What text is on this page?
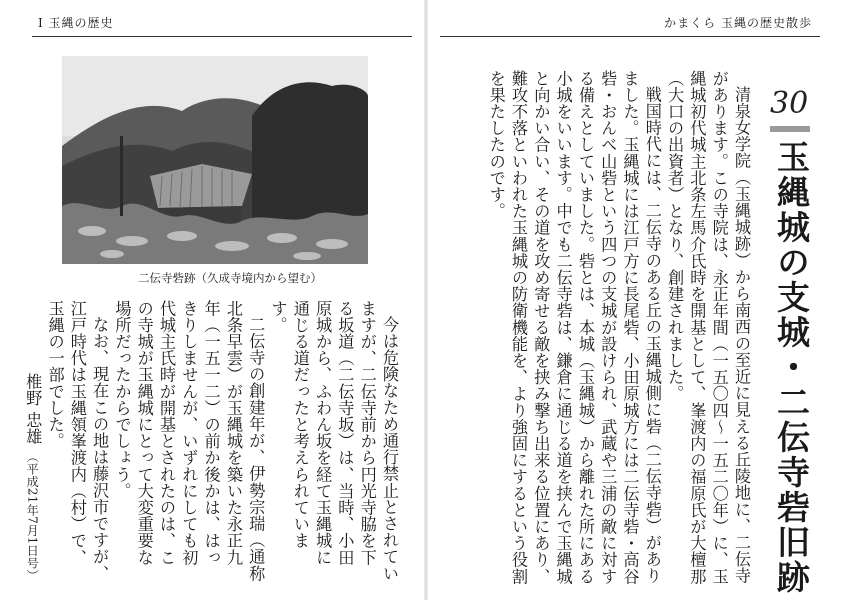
Ⅰ 玉縄の歴史	かまくら 玉縄の歴史散歩
二伝寺砦跡（久成寺境内から望む）
30
玉縄城の支城・二伝寺砦旧跡

清泉女学院（玉縄城跡）から南西の至近に見える丘陵地に、二伝寺があります。この寺院は、永正年間（一五〇四〜一五二〇年）に、玉縄城初代城主北条左馬介氏時を開基として、峯渡内の福原氏が大檀那（大口の出資者）となり、創建されました。

戦国時代には、二伝寺のある丘の玉縄城側に砦（二伝寺砦）がありました。玉縄城には江戸方に長尾砦、小田原城方には二伝寺砦・高谷砦・おんべ山砦という四つの支城が設けられ、武蔵や三浦の敵に対する備えとしていました。砦とは、本城（玉縄城）から離れた所にある小城をいいます。中でも二伝寺砦は、鎌倉に通じる道を挟んで玉縄城と向かい合い、その道を攻め寄せる敵を挟み撃ち出来る位置にあり、難攻不落といわれた玉縄城の防衛機能を、より強固にするという役割を果たしたのです。

今は危険なため通行禁止とされていますが、二伝寺前から円光寺脇を下る坂道（二伝寺坂）は、当時、小田原城から、ふわん坂を経て玉縄城に通じる道だったと考えられています。

二伝寺の創建年が、伊勢宗瑞（通称北条早雲）が玉縄城を築いた永正九年（一五一二）の前か後かは、はっきりしませんが、いずれにしても初代城主氏時が開基とされたのは、この寺城が玉縄城にとって大変重要な場所だったからでしょう。

なお、現在この地は藤沢市ですが、江戸時代は玉縄領峯渡内（村）で、玉縄の一部でした。

椎野 忠雄 （平成21年7月1日号）
